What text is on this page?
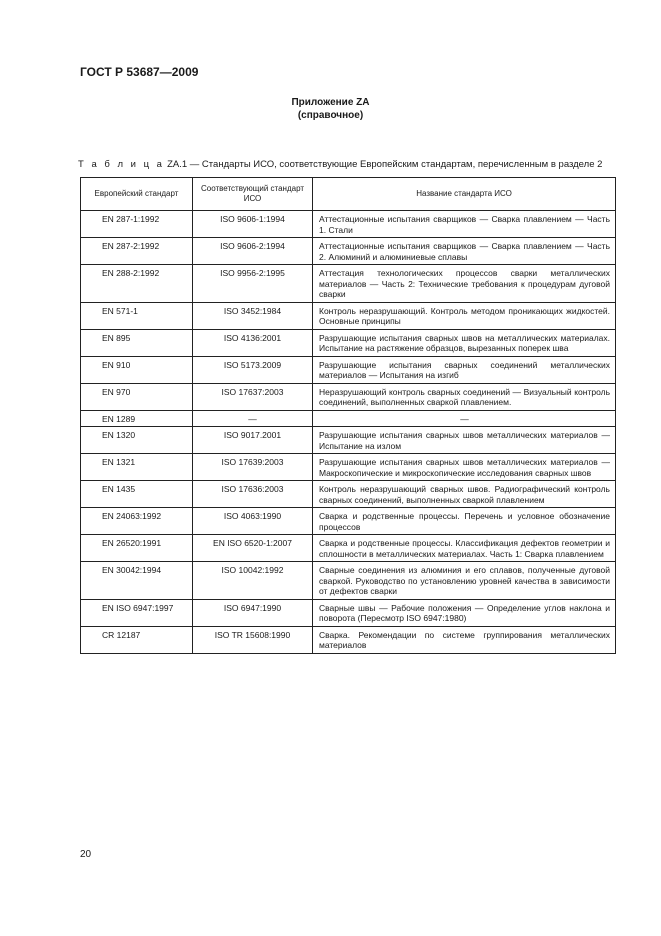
ГОСТ Р 53687—2009
Приложение ZA
(справочное)
Т а б л и ц а ZA.1 — Стандарты ИСО, соответствующие Европейским стандартам, перечисленным в разделе 2
Европейский стандарт	Соответствующий стандарт ИСО	Название стандарта ИСО
EN 287-1:1992	ISO 9606-1:1994	Аттестационные испытания сварщиков — Сварка плавлением — Часть 1. Стали
EN 287-2:1992	ISO 9606-2:1994	Аттестационные испытания сварщиков — Сварка плавлением — Часть 2. Алюминий и алюминиевые сплавы
EN 288-2:1992	ISO 9956-2:1995	Аттестация технологических процессов сварки металлических материалов — Часть 2: Технические требования к процедурам дуговой сварки
EN 571-1	ISO 3452:1984	Контроль неразрушающий. Контроль методом проникающих жидкостей. Основные принципы
EN 895	ISO 4136:2001	Разрушающие испытания сварных швов на металлических материалах. Испытание на растяжение образцов, вырезанных поперек шва
EN 910	ISO 5173.2009	Разрушающие испытания сварных соединений металлических материалов — Испытания на изгиб
EN 970	ISO 17637:2003	Неразрушающий контроль сварных соединений — Визуальный контроль соединений, выполненных сваркой плавлением.
EN 1289	—	—
EN 1320	ISO 9017.2001	Разрушающие испытания сварных швов металлических материалов — Испытание на излом
EN 1321	ISO 17639:2003	Разрушающие испытания сварных швов металлических материалов — Макроскопические и микроскопические исследования сварных швов
EN 1435	ISO 17636:2003	Контроль неразрушающий сварных швов. Радиографический контроль сварных соединений, выполненных сваркой плавлением
EN 24063:1992	ISO 4063:1990	Сварка и родственные процессы. Перечень и условное обозначение процессов
EN 26520:1991	EN ISO 6520-1:2007	Сварка и родственные процессы. Классификация дефектов геометрии и сплошности в металлических материалах. Часть 1: Сварка плавлением
EN 30042:1994	ISO 10042:1992	Сварные соединения из алюминия и его сплавов, полученные дуговой сваркой. Руководство по установлению уровней качества в зависимости от дефектов сварки
EN ISO 6947:1997	ISO 6947:1990	Сварные швы — Рабочие положения — Определение углов наклона и поворота (Пересмотр ISO 6947:1980)
CR 12187	ISO TR 15608:1990	Сварка. Рекомендации по системе группирования металлических материалов
20
